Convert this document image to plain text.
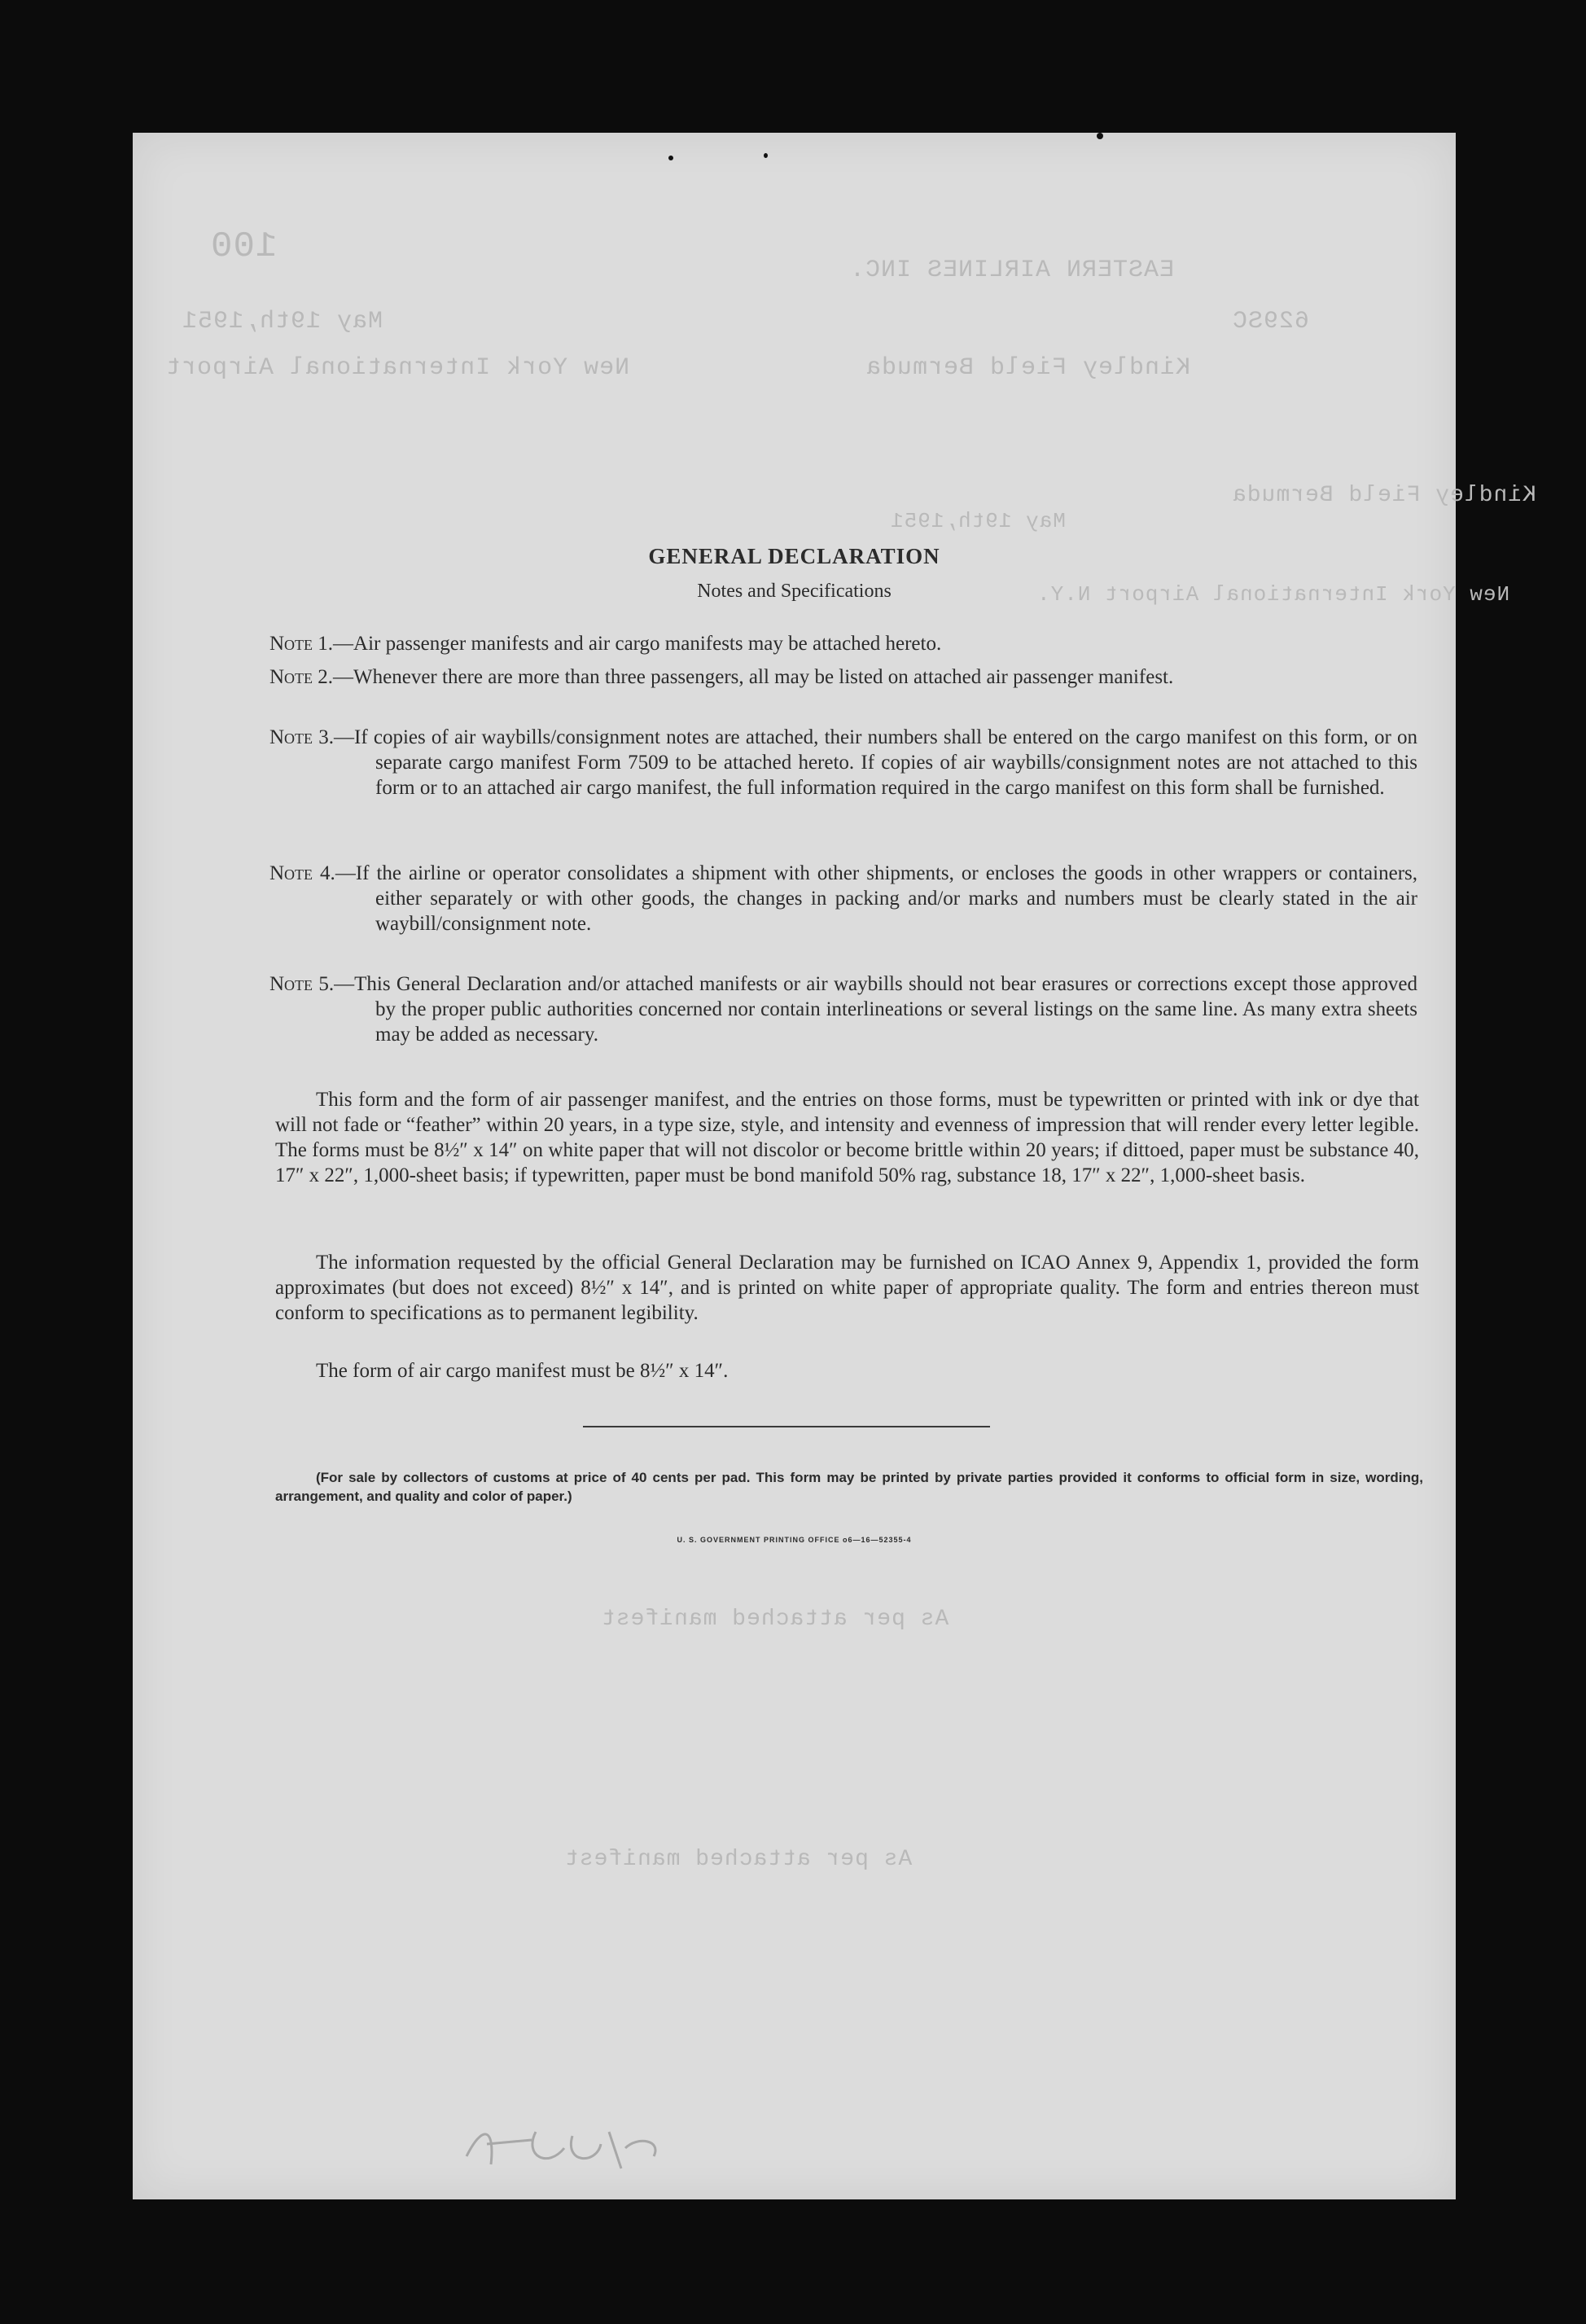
EASTERN AIRLINES INC.
100
629SC
May 19th,1951
Kindley Field Bermuda
New York International Airport
Kindley Field Bermuda
May 19th,1951
New York International Airport N.Y.
As per attached manifest
As per attached manifest
GENERAL DECLARATION
Notes and Specifications
Note 1.—Air passenger manifests and air cargo manifests may be attached hereto.
Note 2.—Whenever there are more than three passengers, all may be listed on attached air passenger manifest.
Note 3.—If copies of air waybills/consignment notes are attached, their numbers shall be entered on the cargo manifest on this form, or on separate cargo manifest Form 7509 to be attached hereto. If copies of air waybills/consignment notes are not attached to this form or to an attached air cargo manifest, the full information required in the cargo manifest on this form shall be furnished.
Note 4.—If the airline or operator consolidates a shipment with other shipments, or encloses the goods in other wrappers or containers, either separately or with other goods, the changes in packing and/or marks and numbers must be clearly stated in the air waybill/consignment note.
Note 5.—This General Declaration and/or attached manifests or air waybills should not bear erasures or corrections except those approved by the proper public authorities concerned nor contain interlineations or several listings on the same line. As many extra sheets may be added as necessary.
This form and the form of air passenger manifest, and the entries on those forms, must be typewritten or printed with ink or dye that will not fade or “feather” within 20 years, in a type size, style, and intensity and evenness of impression that will render every letter legible. The forms must be 8½″ x 14″ on white paper that will not discolor or become brittle within 20 years; if dittoed, paper must be substance 40, 17″ x 22″, 1,000-sheet basis; if typewritten, paper must be bond manifold 50% rag, substance 18, 17″ x 22″, 1,000-sheet basis.
The information requested by the official General Declaration may be furnished on ICAO Annex 9, Appendix 1, provided the form approximates (but does not exceed) 8½″ x 14″, and is printed on white paper of appropriate quality. The form and entries thereon must conform to specifications as to permanent legibility.
The form of air cargo manifest must be 8½″ x 14″.
(For sale by collectors of customs at price of 40 cents per pad. This form may be printed by private parties provided it conforms to official form in size, wording, arrangement, and quality and color of paper.)
U. S. GOVERNMENT PRINTING OFFICE o6—16—52355-4
